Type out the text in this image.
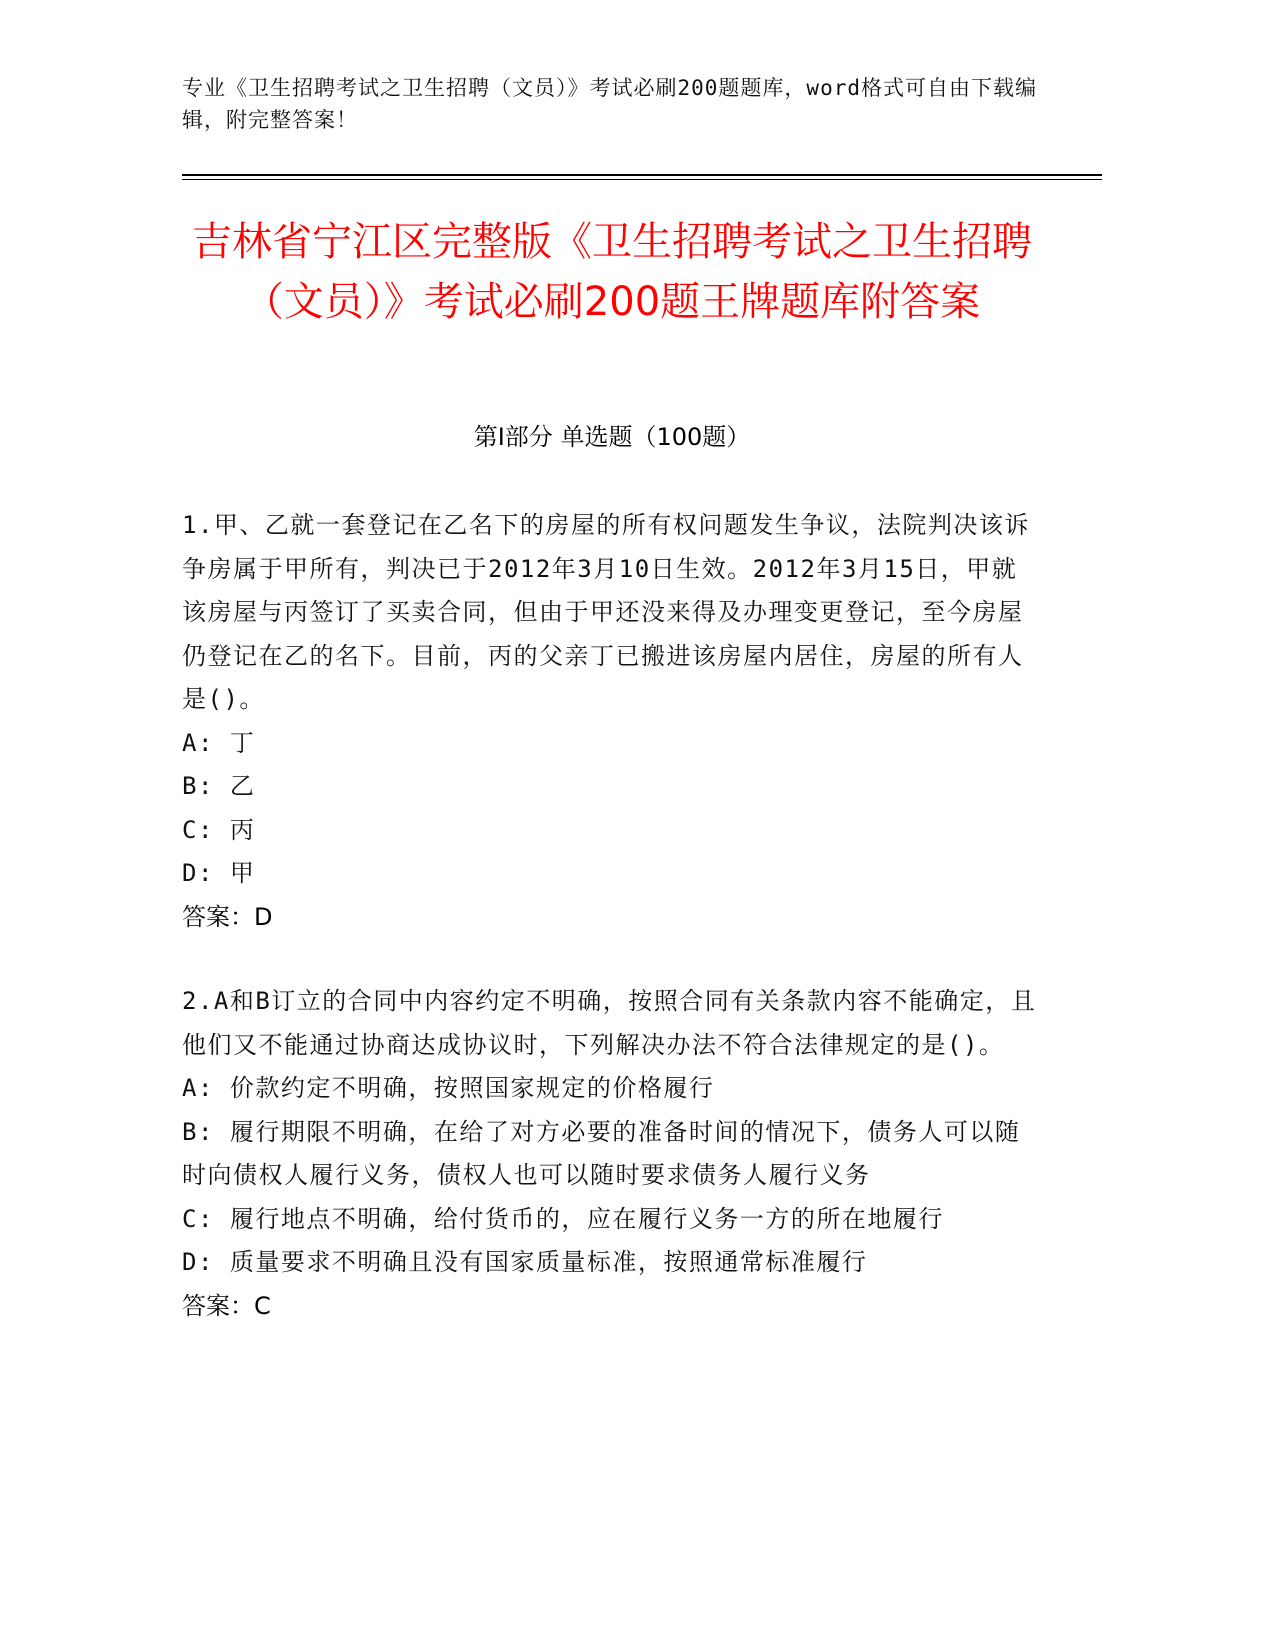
专业《卫生招聘考试之卫生招聘（文员）》考试必刷200题题库，word格式可自由下载编辑，附完整答案！
吉林省宁江区完整版《卫生招聘考试之卫生招聘（文员）》考试必刷200题王牌题库附答案
第Ⅰ部分 单选题（100题）

1.甲、乙就一套登记在乙名下的房屋的所有权问题发生争议，法院判决该诉争房属于甲所有，判决已于2012年3月10日生效。2012年3月15日，甲就该房屋与丙签订了买卖合同，但由于甲还没来得及办理变更登记，至今房屋仍登记在乙的名下。目前，丙的父亲丁已搬进该房屋内居住，房屋的所有人是()。

A: 丁

B: 乙

C: 丙

D: 甲

答案：D

2.A和B订立的合同中内容约定不明确，按照合同有关条款内容不能确定，且他们又不能通过协商达成协议时，下列解决办法不符合法律规定的是()。

A: 价款约定不明确，按照国家规定的价格履行

B: 履行期限不明确，在给了对方必要的准备时间的情况下，债务人可以随时向债权人履行义务，债权人也可以随时要求债务人履行义务

C: 履行地点不明确，给付货币的，应在履行义务一方的所在地履行

D: 质量要求不明确且没有国家质量标准，按照通常标准履行

答案：C
